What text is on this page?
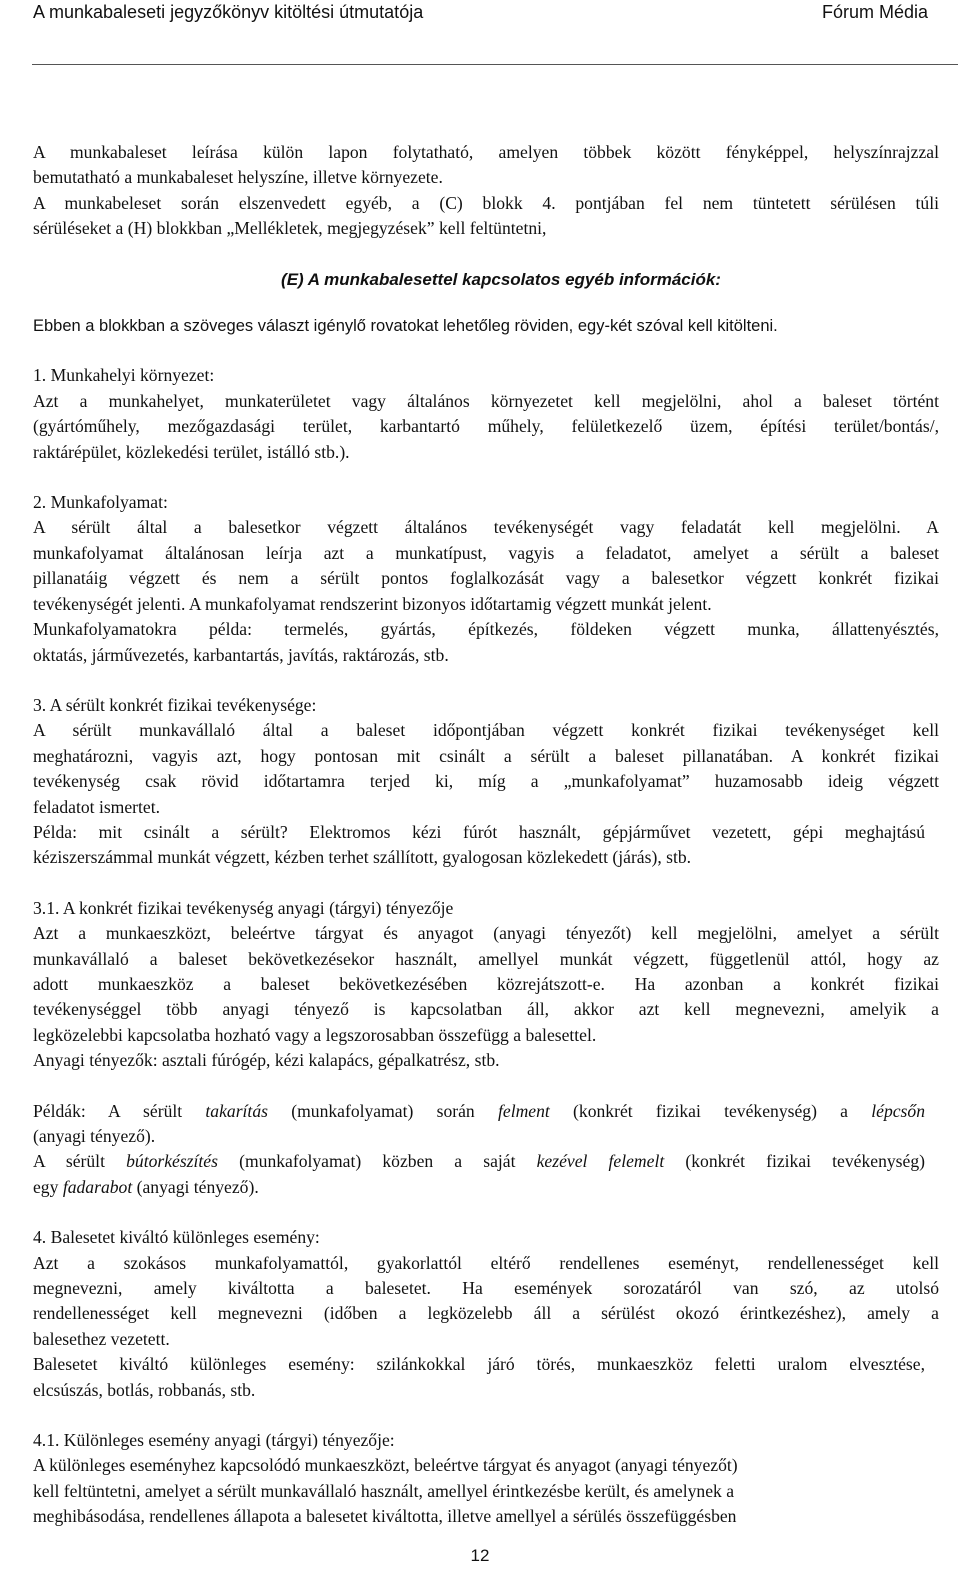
A munkabaleseti jegyzőkönyv kitöltési útmutatója	Fórum Média

A munkabaleset leírása külön lapon folytatható, amelyen többek között fényképpel, helyszínrajzzal

bemutatható a munkabaleset helyszíne, illetve környezete.

A munkabeleset során elszenvedett egyéb, a (C) blokk 4. pontjában fel nem tüntetett sérülésen túli

sérüléseket a (H) blokkban „Mellékletek, megjegyzések” kell feltüntetni,

(E) A munkabalesettel kapcsolatos egyéb információk:

Ebben a blokkban a szöveges választ igénylő rovatokat lehetőleg röviden, egy-két szóval kell kitölteni.

1. Munkahelyi környezet:

Azt a munkahelyet, munkaterületet vagy általános környezetet kell megjelölni, ahol a baleset történt

(gyártóműhely, mezőgazdasági terület, karbantartó műhely, felületkezelő üzem, építési terület/bontás/,

raktárépület, közlekedési terület, istálló stb.).

2. Munkafolyamat:

A sérült által a balesetkor végzett általános tevékenységét vagy feladatát kell megjelölni. A

munkafolyamat általánosan leírja azt a munkatípust, vagyis a feladatot, amelyet a sérült a baleset

pillanatáig végzett és nem a sérült pontos foglalkozását vagy a balesetkor végzett konkrét fizikai

tevékenységét jelenti. A munkafolyamat rendszerint bizonyos időtartamig végzett munkát jelent.

Munkafolyamatokra példa: termelés, gyártás, építkezés, földeken végzett munka, állattenyésztés,

oktatás, járművezetés, karbantartás, javítás, raktározás, stb.

3. A sérült konkrét fizikai tevékenysége:

A sérült munkavállaló által a baleset időpontjában végzett konkrét fizikai tevékenységet kell

meghatározni, vagyis azt, hogy pontosan mit csinált a sérült a baleset pillanatában. A konkrét fizikai

tevékenység csak rövid időtartamra terjed ki, míg a „munkafolyamat” huzamosabb ideig végzett

feladatot ismertet.

Példa: mit csinált a sérült? Elektromos kézi fúrót használt, gépjárművet vezetett, gépi meghajtású

kéziszerszámmal munkát végzett, kézben terhet szállított, gyalogosan közlekedett (járás), stb.

3.1. A konkrét fizikai tevékenység anyagi (tárgyi) tényezője

Azt a munkaeszközt, beleértve tárgyat és anyagot (anyagi tényezőt) kell megjelölni, amelyet a sérült

munkavállaló a baleset bekövetkezésekor használt, amellyel munkát végzett, függetlenül attól, hogy az

adott munkaeszköz a baleset bekövetkezésében közrejátszott-e. Ha azonban a konkrét fizikai

tevékenységgel több anyagi tényező is kapcsolatban áll, akkor azt kell megnevezni, amelyik a

legközelebbi kapcsolatba hozható vagy a legszorosabban összefügg a balesettel.

Anyagi tényezők: asztali fúrógép, kézi kalapács, gépalkatrész, stb.

Példák: A sérült takarítás (munkafolyamat) során felment (konkrét fizikai tevékenység) a lépcsőn

(anyagi tényező).

A sérült bútorkészítés (munkafolyamat) közben a saját kezével felemelt (konkrét fizikai tevékenység)

egy fadarabot (anyagi tényező).

4. Balesetet kiváltó különleges esemény:

Azt a szokásos munkafolyamattól, gyakorlattól eltérő rendellenes eseményt, rendellenességet kell

megnevezni, amely kiváltotta a balesetet. Ha események sorozatáról van szó, az utolsó

rendellenességet kell megnevezni (időben a legközelebb áll a sérülést okozó érintkezéshez), amely a

balesethez vezetett.

Balesetet kiváltó különleges esemény: szilánkokkal járó törés, munkaeszköz feletti uralom elvesztése,

elcsúszás, botlás, robbanás, stb.

4.1. Különleges esemény anyagi (tárgyi) tényezője:

A különleges eseményhez kapcsolódó munkaeszközt, beleértve tárgyat és anyagot (anyagi tényezőt)

kell feltüntetni, amelyet a sérült munkavállaló használt, amellyel érintkezésbe került, és amelynek a

meghibásodása, rendellenes állapota a balesetet kiváltotta, illetve amellyel a sérülés összefüggésben

12
